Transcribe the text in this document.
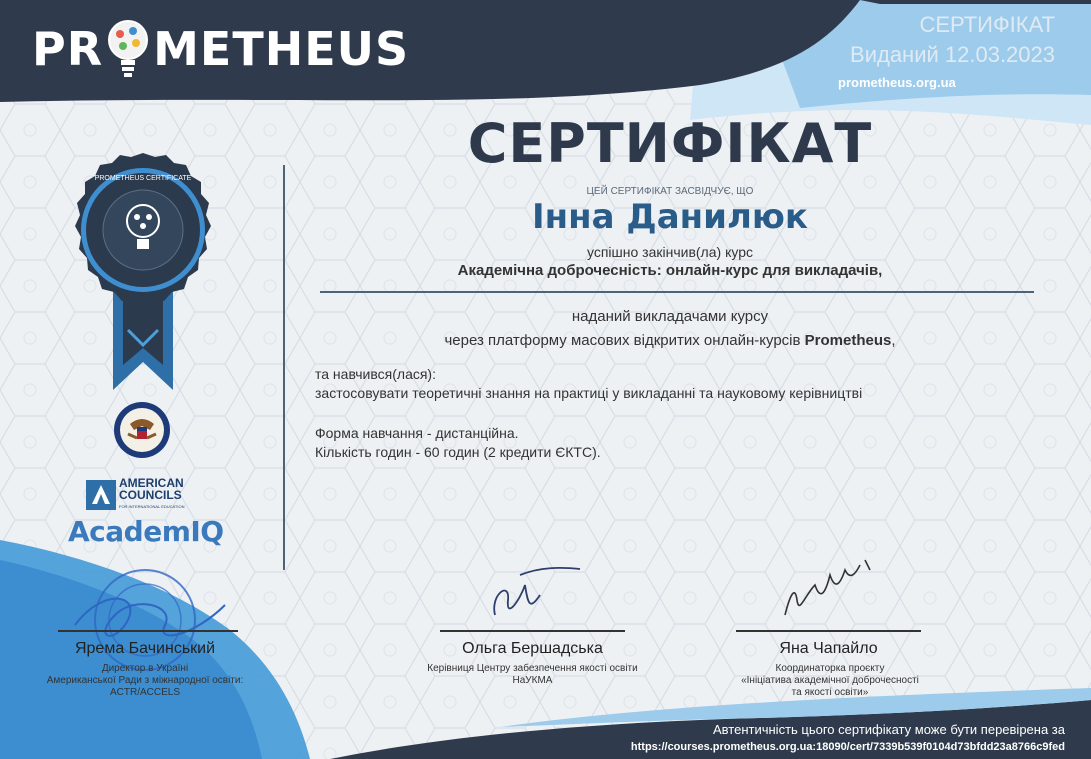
PR METHEUS	СЕРТИФІКАТ
Виданий 12.03.2023
prometheus.org.ua
PROMETHEUS CERTIFICATE
AMERICAN
COUNCILS
FOR INTERNATIONAL EDUCATION
AcademIQ
СЕРТИФІКАТ
ЦЕЙ СЕРТИФІКАТ ЗАСВІДЧУЄ, ЩО
Інна Данилюк
успішно закінчив(ла) курс
Академічна доброчесність: онлайн-курс для викладачів,
наданий викладачами курсу
через платформу масових відкритих онлайн-курсів Prometheus,
та навчився(лася):
застосовувати теоретичні знання на практиці у викладанні та науковому керівництві
Форма навчання - дистанційна.
Кількість годин - 60 годин (2 кредити ЄКТС).
Ярема Бачинський
Директор в Україні
Американської Ради з міжнародної освіти:
ACTR/ACCELS
Ольга Бершадська
Керівниця Центру забезпечення якості освіти
НаУКМА
Яна Чапайло
Координаторка проєкту
«Ініціатива академічної доброчесності
та якості освіти»
Автентичність цього сертифікату може бути перевірена за
https://courses.prometheus.org.ua:18090/cert/7339b539f0104d73bfdd23a8766c9fed
